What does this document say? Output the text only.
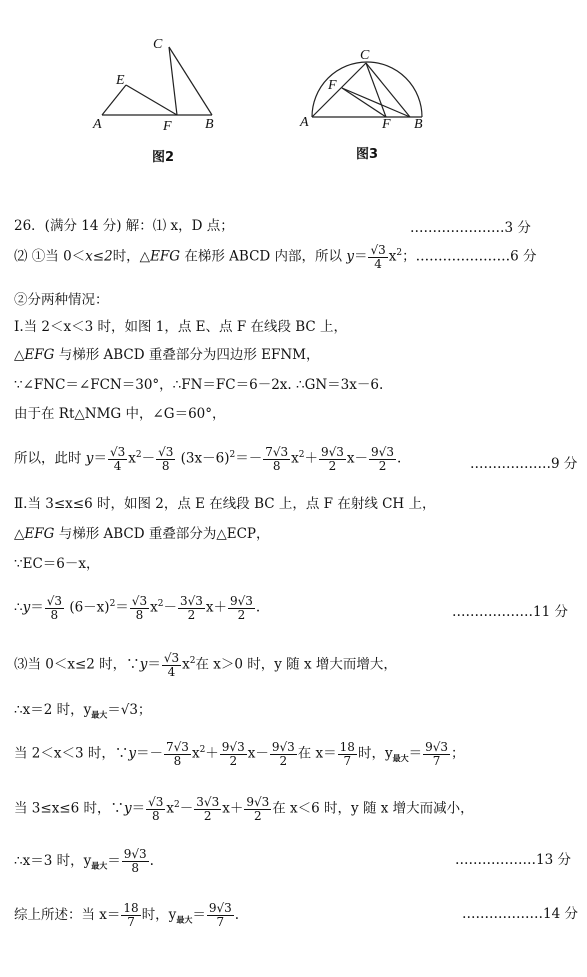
C
E
A	F B
图2
C
F
A	F B
图3
26．(满分 14 分) 解：⑴ x，D 点；	…………………3 分
⑵ ①当 0＜x≤2时，△EFG 在梯形 ABCD 内部，所以 $y= \frac{√3}{4} x^2$；…………………6 分
②分两种情况：
Ⅰ.当 2＜x＜3 时，如图 1，点 E、点 F 在线段 BC 上，
△EFG 与梯形 ABCD 重叠部分为四边形 EFNM，
∵∠FNC＝∠FCN＝30°，∴FN＝FC＝6－2x. ∴GN＝3x－6.
由于在 Rt△NMG 中，∠G＝60°，
所以，此时 $y= \frac{√3}{4} x^2- \frac{√3}{8} (3x-6)^2=- \frac{7√3}{8} x^2+ \frac{9√3}{2} x- \frac{9√3}{2}$ .	………………9 分
Ⅱ.当 3≤x≤6 时，如图 2，点 E 在线段 BC 上，点 F 在射线 CH 上，
△EFG 与梯形 ABCD 重叠部分为△ECP，
∵EC＝6－x，
∴y＝ $\frac{√3}{8} (6-x)^2= \frac{√3}{8} x^2- \frac{3√3}{2} x+ \frac{9√3}{2}$ .	………………11 分
⑶当 0＜x≤2 时，∵y＝ $\frac{√3}{4} x^2$在 x＞0 时，y 随 x 增大而增大，
∴x＝2 时，$y_{最大}=√3$；
当 2＜x＜3 时，∵y＝－ $\frac{7√3}{8} x^2+ \frac{9√3}{2} x- \frac{9√3}{2}$ 在 $x= \frac{18}{7}$ 时，$y_{最大}= \frac{9√3}{7}$ ；
当 3≤x≤6 时，∵y＝ $\frac{√3}{8} x^2- \frac{3√3}{2} x+ \frac{9√3}{2}$ 在 x＜6 时，y 随 x 增大而减小，
∴x＝3 时，$y_{最大}= \frac{9√3}{8}$ .	………………13 分
综上所述：当 $x= \frac{18}{7}$ 时，$y_{最大}= \frac{9√3}{7}$ .	………………14 分
